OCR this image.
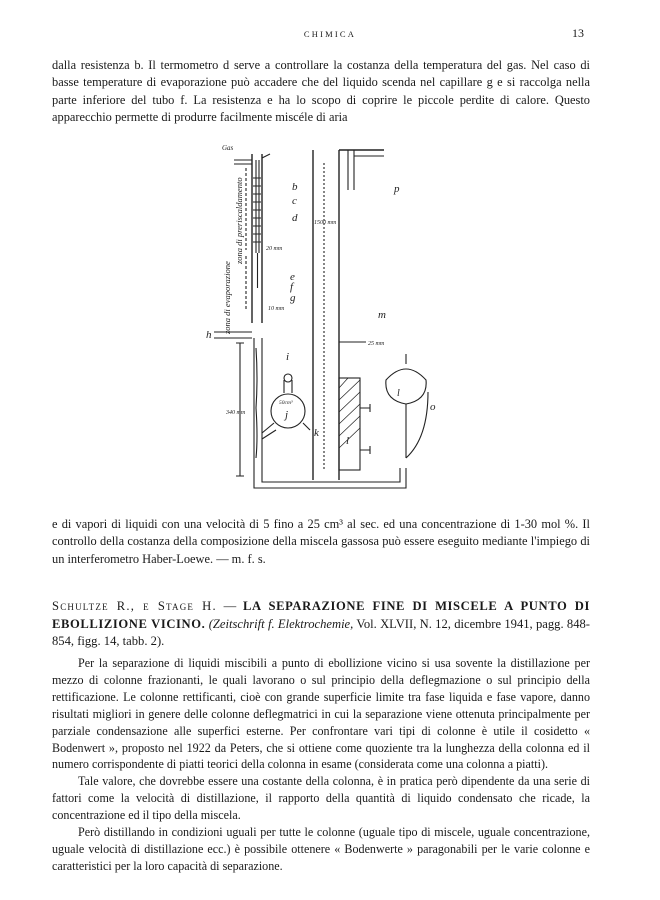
CHIMICA	13
dalla resistenza b. Il termometro d serve a controllare la costanza della temperatura del gas. Nel caso di basse temperature di evaporazione può accadere che del liquido scenda nel capillare g e si raccolga nella parte inferiore del tubo f. La resistenza e ha lo scopo di coprire le piccole perdite di calore. Questo apparecchio permette di produrre facilmente miscéle di aria
Gas
b
c
d
e
f
g
h
i
j
k
l
m
o
p
l
zona di preriscaldamento
zona di evaporazione
20 mm
10 mm
25 mm
1500 mm
340 mm
50cm³
e di vapori di liquidi con una velocità di 5 fino a 25 cm³ al sec. ed una concentrazione di 1-30 mol %. Il controllo della costanza della composizione della miscela gassosa può essere eseguito mediante l'impiego di un interferometro Haber-Loewe. — m. f. s.
Schultze R., e Stage H. — LA SEPARAZIONE FINE DI MISCELE A PUNTO DI EBOLLIZIONE VICINO. (Zeitschrift f. Elektrochemie, Vol. XLVII, N. 12, dicembre 1941, pagg. 848-854, figg. 14, tabb. 2).

Per la separazione di liquidi miscibili a punto di ebollizione vicino si usa sovente la distillazione per mezzo di colonne frazionanti, le quali lavorano o sul principio della deflegmazione o sul principio della rettificazione. Le colonne rettificanti, cioè con grande superficie limite tra fase liquida e fase vapore, danno risultati migliori in genere delle colonne deflegmatrici in cui la separazione viene ottenuta principalmente per parziale condensazione alle superfici esterne. Per confrontare vari tipi di colonne è utile il cosidetto « Bodenwert », proposto nel 1922 da Peters, che si ottiene come quoziente tra la lunghezza della colonna ed il numero corrispondente di piatti teorici della colonna in esame (considerata come una colonna a piatti).

Tale valore, che dovrebbe essere una costante della colonna, è in pratica però dipendente da una serie di fattori come la velocità di distillazione, il rapporto della quantità di liquido condensato che ricade, la concentrazione ed il tipo della miscela.

Però distillando in condizioni uguali per tutte le colonne (uguale tipo di miscele, uguale concentrazione, uguale velocità di distillazione ecc.) è possibile ottenere « Bodenwerte » paragonabili per le varie colonne e caratteristici per la loro capacità di separazione.
